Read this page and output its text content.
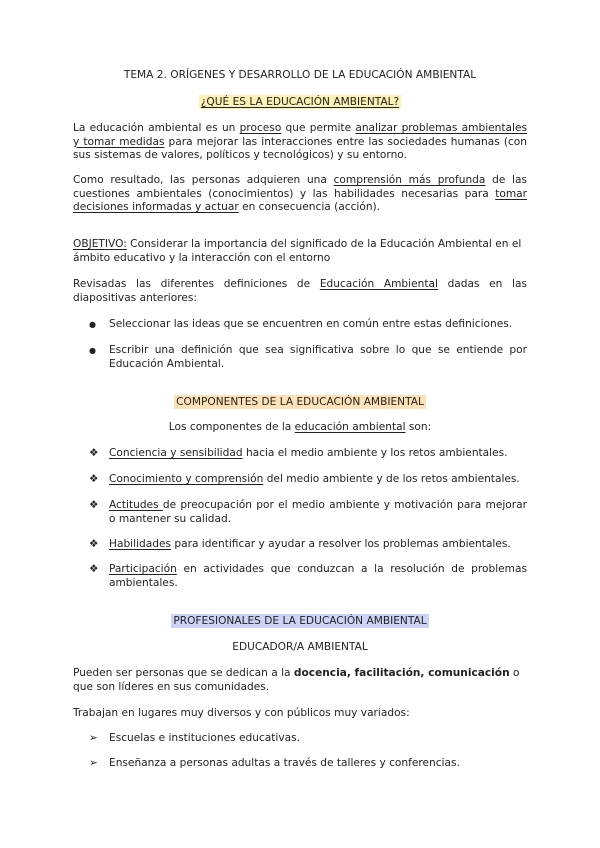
TEMA 2. ORÍGENES Y DESARROLLO DE LA EDUCACIÓN AMBIENTAL
¿QUÉ ES LA EDUCACIÓN AMBIENTAL?
La educación ambiental es un proceso que permite analizar problemas ambientales y tomar medidas para mejorar las interacciones entre las sociedades humanas (con sus sistemas de valores, políticos y tecnológicos) y su entorno.
Como resultado, las personas adquieren una comprensión más profunda de las cuestiones ambientales (conocimientos) y las habilidades necesarias para tomar decisiones informadas y actuar en consecuencia (acción).
OBJETIVO: Considerar la importancia del significado de la Educación Ambiental en el ámbito educativo y la interacción con el entorno
Revisadas las diferentes definiciones de Educación Ambiental dadas en las diapositivas anteriores:
●	Seleccionar las ideas que se encuentren en común entre estas definiciones.
●	Escribir una definición que sea significativa sobre lo que se entiende por Educación Ambiental.
COMPONENTES DE LA EDUCACIÓN AMBIENTAL
Los componentes de la educación ambiental son:
❖ Conciencia y sensibilidad hacia el medio ambiente y los retos ambientales.
❖ Conocimiento y comprensión del medio ambiente y de los retos ambientales.
❖ Actitudes de preocupación por el medio ambiente y motivación para mejorar o mantener su calidad.
❖ Habilidades para identificar y ayudar a resolver los problemas ambientales.
❖ Participación en actividades que conduzcan a la resolución de problemas ambientales.
PROFESIONALES DE LA EDUCACIÓN AMBIENTAL
EDUCADOR/A AMBIENTAL
Pueden ser personas que se dedican a la docencia, facilitación, comunicación o que son líderes en sus comunidades.
Trabajan en lugares muy diversos y con públicos muy variados:
➢	Escuelas e instituciones educativas.
➢	Enseñanza a personas adultas a través de talleres y conferencias.
